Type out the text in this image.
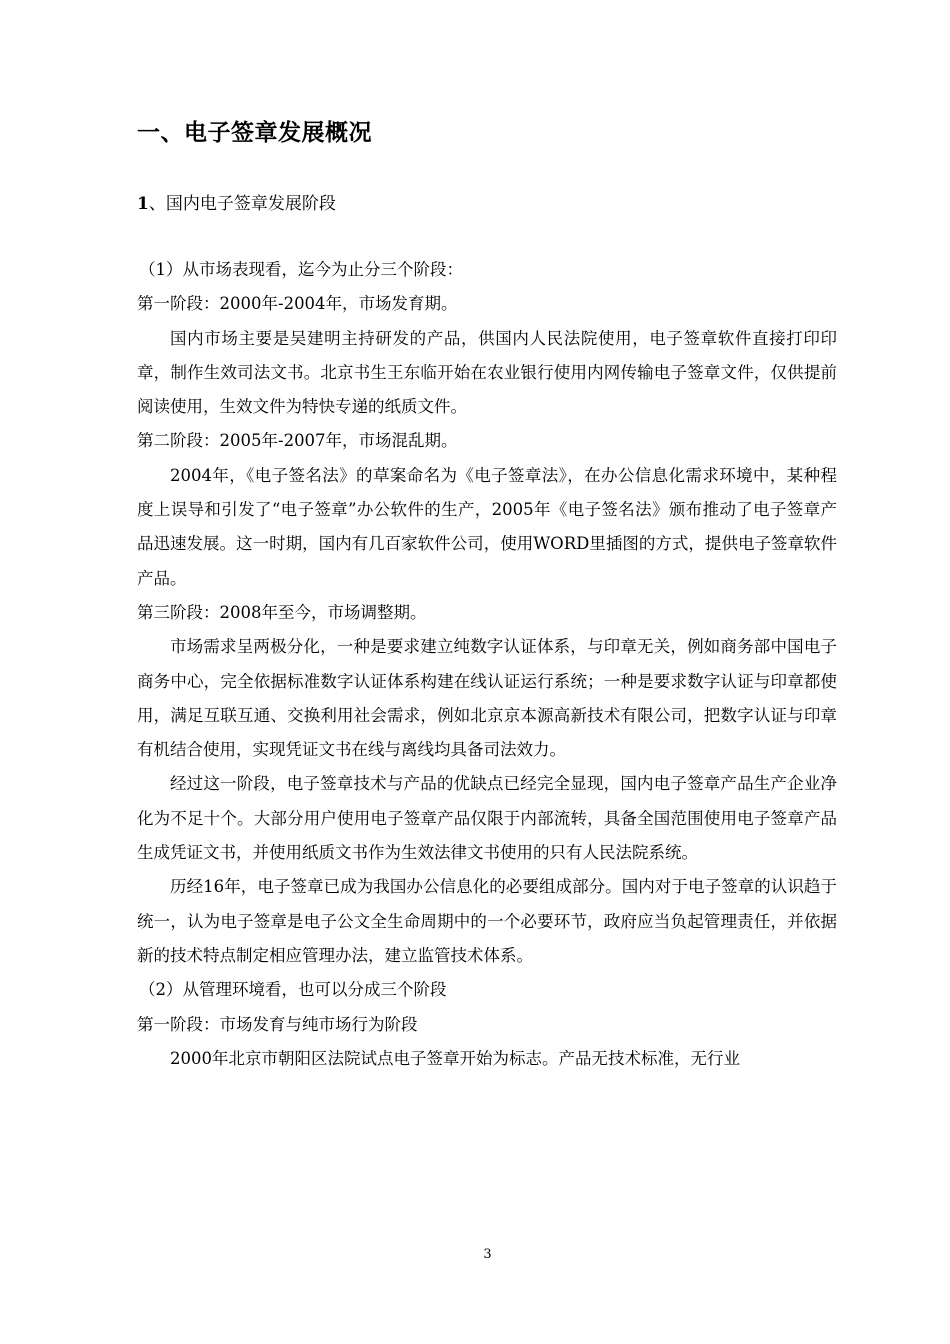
一、电子签章发展概况
1、国内电子签章发展阶段

（1）从市场表现看，迄今为止分三个阶段：

第一阶段：2000年-2004年，市场发育期。

国内市场主要是吴建明主持研发的产品，供国内人民法院使用，电子签章软件直接打印印章，制作生效司法文书。北京书生王东临开始在农业银行使用内网传输电子签章文件，仅供提前阅读使用，生效文件为特快专递的纸质文件。

第二阶段：2005年-2007年，市场混乱期。

2004年，《电子签名法》的草案命名为《电子签章法》，在办公信息化需求环境中，某种程度上误导和引发了“电子签章”办公软件的生产，2005年《电子签名法》颁布推动了电子签章产品迅速发展。这一时期，国内有几百家软件公司，使用WORD里插图的方式，提供电子签章软件产品。

第三阶段：2008年至今，市场调整期。

市场需求呈两极分化，一种是要求建立纯数字认证体系，与印章无关，例如商务部中国电子商务中心，完全依据标准数字认证体系构建在线认证运行系统；一种是要求数字认证与印章都使用，满足互联互通、交换利用社会需求，例如北京京本源高新技术有限公司，把数字认证与印章有机结合使用，实现凭证文书在线与离线均具备司法效力。

经过这一阶段，电子签章技术与产品的优缺点已经完全显现，国内电子签章产品生产企业净化为不足十个。大部分用户使用电子签章产品仅限于内部流转，具备全国范围使用电子签章产品生成凭证文书，并使用纸质文书作为生效法律文书使用的只有人民法院系统。

历经16年，电子签章已成为我国办公信息化的必要组成部分。国内对于电子签章的认识趋于统一，认为电子签章是电子公文全生命周期中的一个必要环节，政府应当负起管理责任，并依据新的技术特点制定相应管理办法，建立监管技术体系。

（2）从管理环境看，也可以分成三个阶段

第一阶段：市场发育与纯市场行为阶段

2000年北京市朝阳区法院试点电子签章开始为标志。产品无技术标准，无行业

3
